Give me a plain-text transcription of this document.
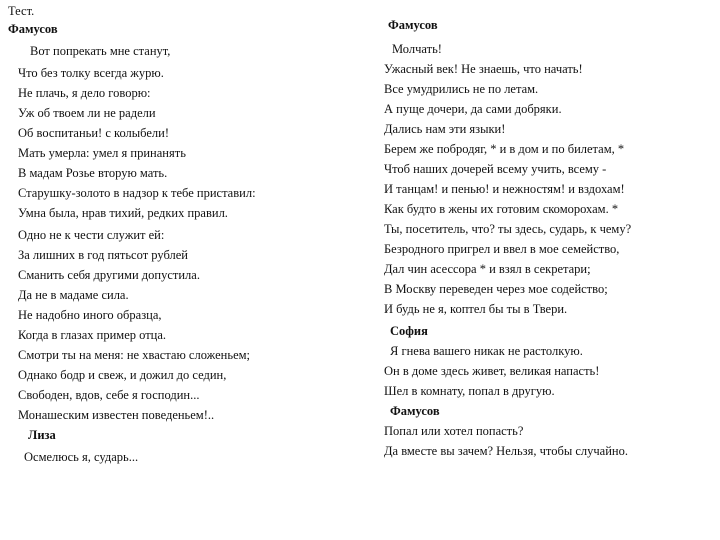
Тест.
Фамусов
Вот попрекать мне станут,
Что без толку всегда журю.
Не плачь, я дело говорю:
Уж об твоем ли не радели
Об воспитаньи! с колыбели!
Мать умерла: умел я принанять
В мадам Розье вторую мать.
Старушку-золото в надзор к тебе приставил:
Умна была, нрав тихий, редких правил.
Одно не к чести служит ей:
За лишних в год пятьсот рублей
Сманить себя другими допустила.
Да не в мадаме сила.
Не надобно иного образца,
Когда в глазах пример отца.
Смотри ты на меня: не хвастаю сложеньем;
Однако бодр и свеж, и дожил до седин,
Свободен, вдов, себе я господин...
Монашеским известен поведеньем!..
Лиза
Осмелюсь я, сударь...
Фамусов
Молчать!
Ужасный век! Не знаешь, что начать!
Все умудрились не по летам.
А пуще дочери, да сами добряки.
Дались нам эти языки!
Берем же побродяг, * и в дом и по билетам, *
Чтоб наших дочерей всему учить, всему -
И танцам! и пенью! и нежностям! и вздохам!
Как будто в жены их готовим скоморохам. *
Ты, посетитель, что? ты здесь, сударь, к чему?
Безродного пригрел и ввел в мое семейство,
Дал чин асессора * и взял в секретари;
В Москву переведен через мое содейство;
И будь не я, коптел бы ты в Твери.
София
Я гнева вашего никак не растолкую.
Он в доме здесь живет, великая напасть!
Шел в комнату, попал в другую.
Фамусов
Попал или хотел попасть?
Да вместе вы зачем? Нельзя, чтобы случайно.
